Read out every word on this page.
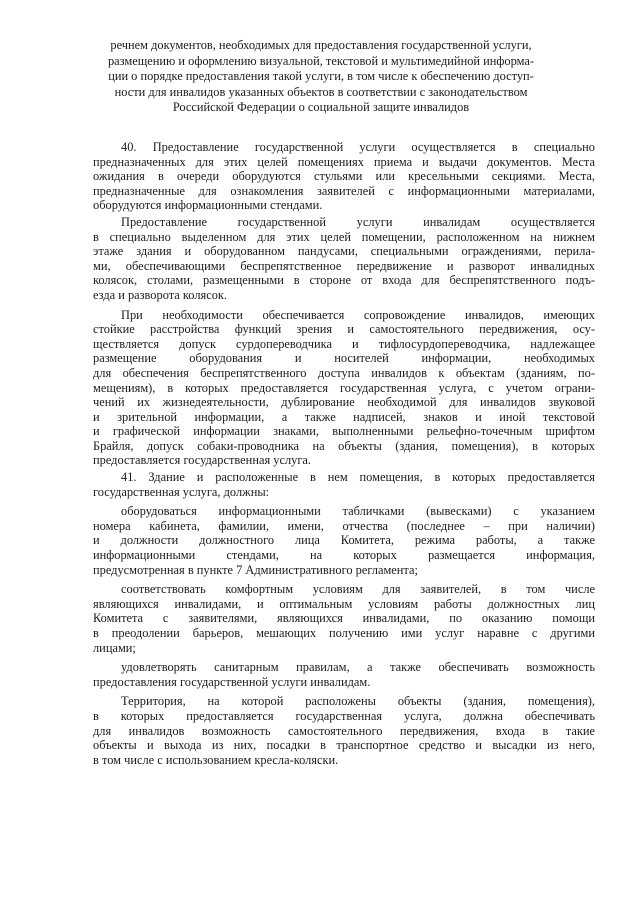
речнем документов, необходимых для предоставления государственной услуги,
размещению и оформлению визуальной, текстовой и мультимедийной информа-
ции о порядке предоставления такой услуги, в том числе к обеспечению доступ-
ности для инвалидов указанных объектов в соответствии с законодательством
Российской Федерации о социальной защите инвалидов
40. Предоставление государственной услуги осуществляется в специально
предназначенных для этих целей помещениях приема и выдачи документов. Места
ожидания в очереди оборудуются стульями или кресельными секциями. Места,
предназначенные для ознакомления заявителей с информационными материалами,
оборудуются информационными стендами.
Предоставление государственной услуги инвалидам осуществляется
в специально выделенном для этих целей помещении, расположенном на нижнем
этаже здания и оборудованном пандусами, специальными ограждениями, перила-
ми, обеспечивающими беспрепятственное передвижение и разворот инвалидных
колясок, столами, размещенными в стороне от входа для беспрепятственного подъ-
езда и разворота колясок.
При необходимости обеспечивается сопровождение инвалидов, имеющих
стойкие расстройства функций зрения и самостоятельного передвижения, осу-
ществляется допуск сурдопереводчика и тифлосурдопереводчика, надлежащее
размещение оборудования и носителей информации, необходимых
для обеспечения беспрепятственного доступа инвалидов к объектам (зданиям, по-
мещениям), в которых предоставляется государственная услуга, с учетом ограни-
чений их жизнедеятельности, дублирование необходимой для инвалидов звуковой
и зрительной информации, а также надписей, знаков и иной текстовой
и графической информации знаками, выполненными рельефно-точечным шрифтом
Брайля, допуск собаки-проводника на объекты (здания, помещения), в которых
предоставляется государственная услуга.
41. Здание и расположенные в нем помещения, в которых предоставляется
государственная услуга, должны:
оборудоваться информационными табличками (вывесками) с указанием
номера кабинета, фамилии, имени, отчества (последнее – при наличии)
и должности должностного лица Комитета, режима работы, а также
информационными стендами, на которых размещается информация,
предусмотренная в пункте 7 Административного регламента;
соответствовать комфортным условиям для заявителей, в том числе
являющихся инвалидами, и оптимальным условиям работы должностных лиц
Комитета с заявителями, являющихся инвалидами, по оказанию помощи
в преодолении барьеров, мешающих получению ими услуг наравне с другими
лицами;
удовлетворять санитарным правилам, а также обеспечивать возможность
предоставления государственной услуги инвалидам.
Территория, на которой расположены объекты (здания, помещения),
в которых предоставляется государственная услуга, должна обеспечивать
для инвалидов возможность самостоятельного передвижения, входа в такие
объекты и выхода из них, посадки в транспортное средство и высадки из него,
в том числе с использованием кресла-коляски.
